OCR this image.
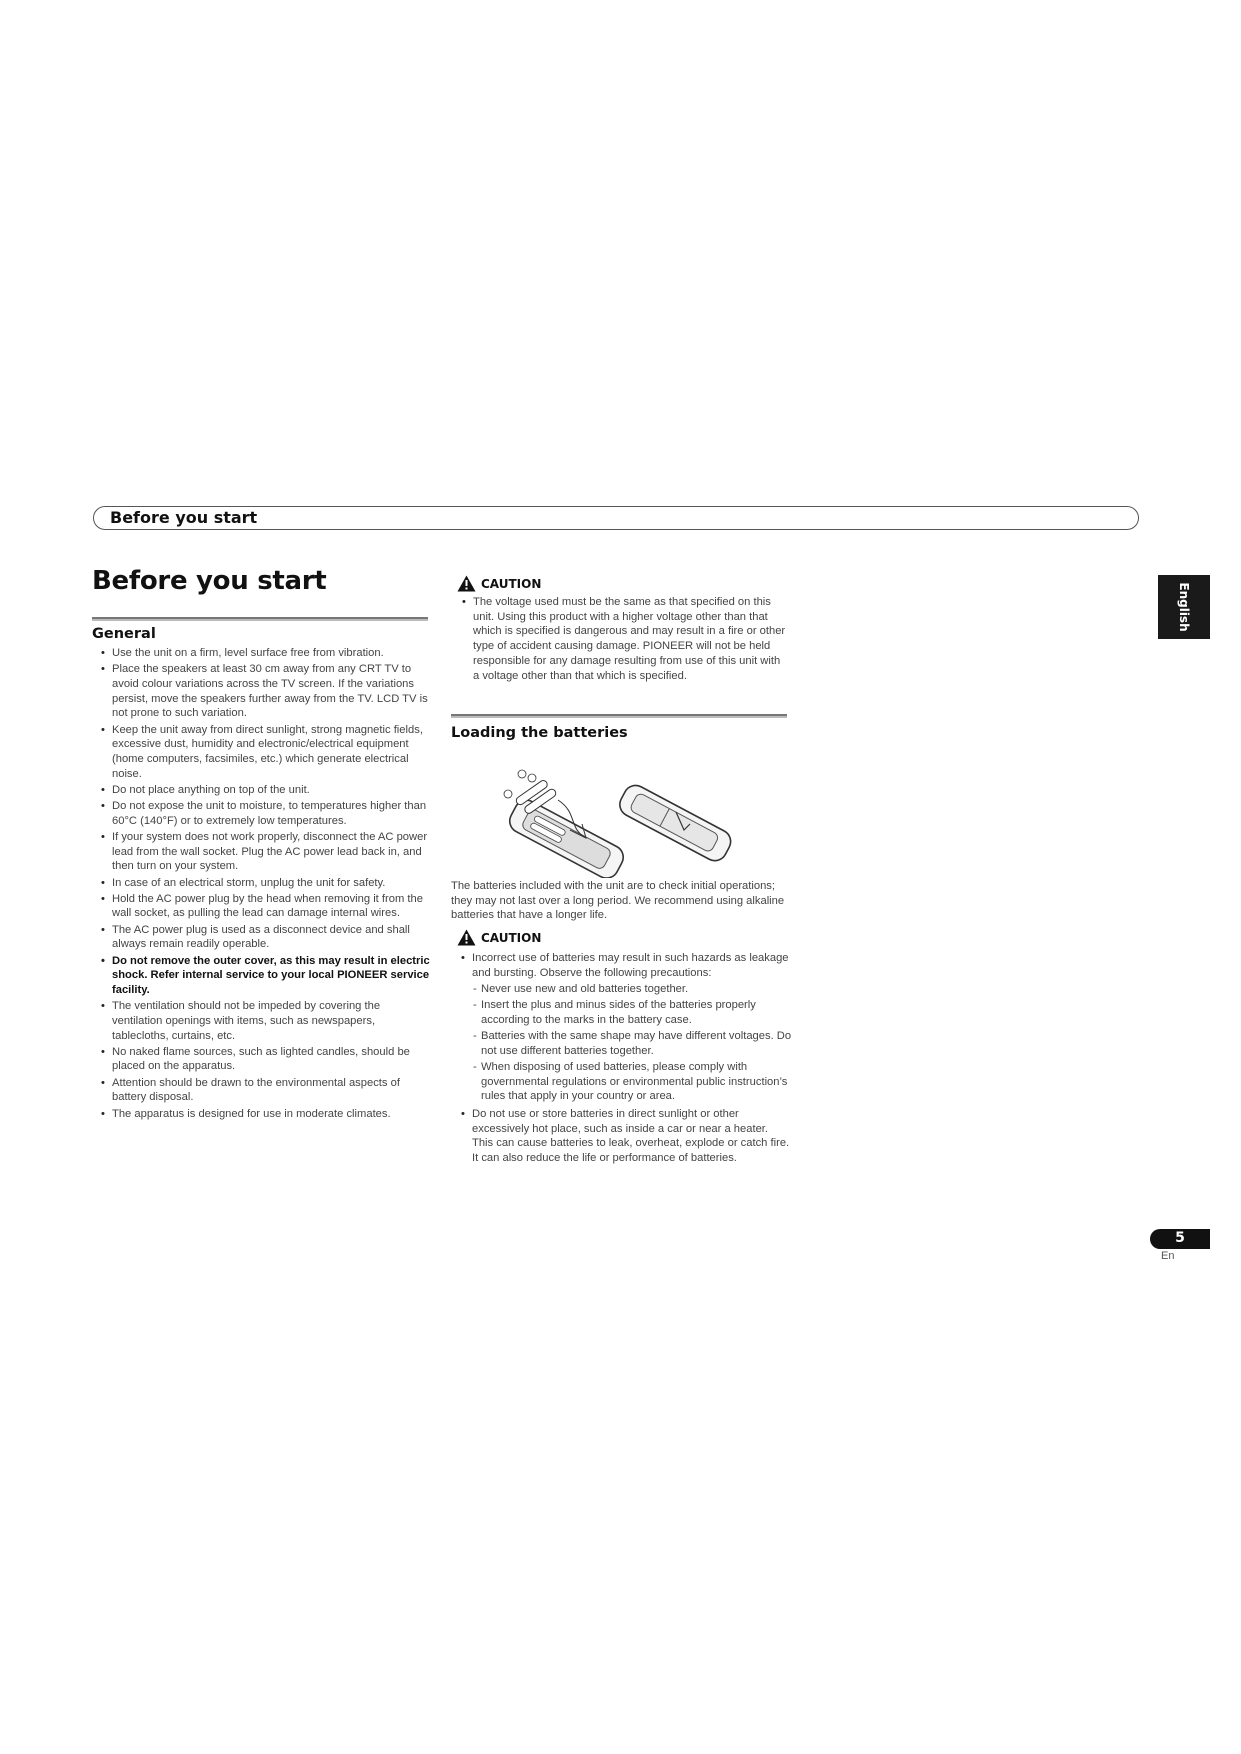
Before you start
Before you start
English
General
• Use the unit on a firm, level surface free from vibration.
• Place the speakers at least 30 cm away from any CRT TV to avoid colour variations across the TV screen. If the variations persist, move the speakers further away from the TV. LCD TV is not prone to such variation.
• Keep the unit away from direct sunlight, strong magnetic fields, excessive dust, humidity and electronic/electrical equipment (home computers, facsimiles, etc.) which generate electrical noise.
• Do not place anything on top of the unit.
• Do not expose the unit to moisture, to temperatures higher than 60°C (140°F) or to extremely low temperatures.
• If your system does not work properly, disconnect the AC power lead from the wall socket. Plug the AC power lead back in, and then turn on your system.
• In case of an electrical storm, unplug the unit for safety.
• Hold the AC power plug by the head when removing it from the wall socket, as pulling the lead can damage internal wires.
• The AC power plug is used as a disconnect device and shall always remain readily operable.
• Do not remove the outer cover, as this may result in electric shock. Refer internal service to your local PIONEER service facility.
• The ventilation should not be impeded by covering the ventilation openings with items, such as newspapers, tablecloths, curtains, etc.
• No naked flame sources, such as lighted candles, should be placed on the apparatus.
• Attention should be drawn to the environmental aspects of battery disposal.
• The apparatus is designed for use in moderate climates.
CAUTION
• The voltage used must be the same as that specified on this unit. Using this product with a higher voltage other than that which is specified is dangerous and may result in a fire or other type of accident causing damage. PIONEER will not be held responsible for any damage resulting from use of this unit with a voltage other than that which is specified.
Loading the batteries
The batteries included with the unit are to check initial operations; they may not last over a long period. We recommend using alkaline batteries that have a longer life.
CAUTION
• Incorrect use of batteries may result in such hazards as leakage and bursting. Observe the following precautions:
- Never use new and old batteries together.
- Insert the plus and minus sides of the batteries properly according to the marks in the battery case.
- Batteries with the same shape may have different voltages. Do not use different batteries together.
- When disposing of used batteries, please comply with governmental regulations or environmental public instruction’s rules that apply in your country or area.
• Do not use or store batteries in direct sunlight or other excessively hot place, such as inside a car or near a heater. This can cause batteries to leak, overheat, explode or catch fire. It can also reduce the life or performance of batteries.
5
En
